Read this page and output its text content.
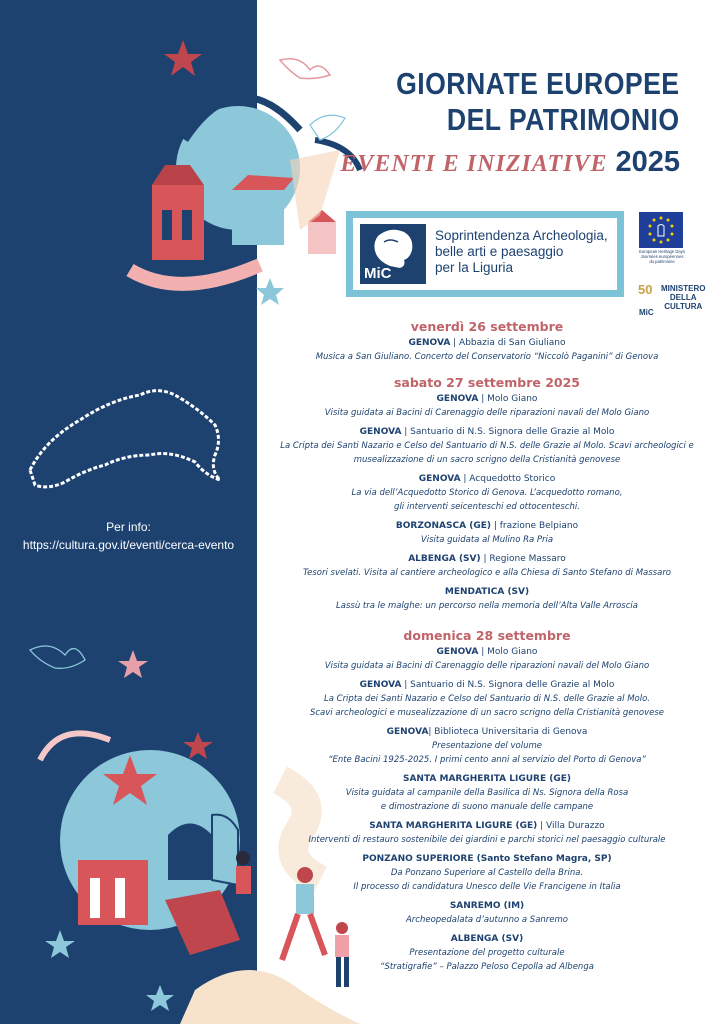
GIORNATE EUROPEE
DEL PATRIMONIO
EVENTI E INIZIATIVE 2025
MiC
Soprintendenza Archeologia,
belle arti e paesaggio
per la Liguria
European Heritage Days
Journées européennes
du patrimoine
50
MiC
MINISTERO
DELLA
CULTURA
Per info:
https://cultura.gov.it/eventi/cerca-evento
venerdì 26 settembre
GENOVA | Abbazia di San Giuliano
Musica a San Giuliano. Concerto del Conservatorio “Niccolò Paganini” di Genova
sabato 27 settembre 2025
GENOVA | Molo Giano
Visita guidata ai Bacini di Carenaggio delle riparazioni navali del Molo Giano
GENOVA | Santuario di N.S. Signora delle Grazie al Molo
La Cripta dei Santi Nazario e Celso del Santuario di N.S. delle Grazie al Molo. Scavi archeologici e
musealizzazione di un sacro scrigno della Cristianità genovese
GENOVA | Acquedotto Storico
La via dell’Acquedotto Storico di Genova. L’acquedotto romano,
gli interventi seicenteschi ed ottocenteschi.
BORZONASCA (GE) | frazione Belpiano
Visita guidata al Mulino Ra Pria
ALBENGA (SV) | Regione Massaro
Tesori svelati. Visita al cantiere archeologico e alla Chiesa di Santo Stefano di Massaro
MENDATICA (SV)
Lassù tra le malghe: un percorso nella memoria dell’Alta Valle Arroscia
domenica 28 settembre
GENOVA | Molo Giano
Visita guidata ai Bacini di Carenaggio delle riparazioni navali del Molo Giano
GENOVA | Santuario di N.S. Signora delle Grazie al Molo
La Cripta dei Santi Nazario e Celso del Santuario di N.S. delle Grazie al Molo.
Scavi archeologici e musealizzazione di un sacro scrigno della Cristianità genovese
GENOVA| Biblioteca Universitaria di Genova
Presentazione del volume
“Ente Bacini 1925-2025. I primi cento anni al servizio del Porto di Genova”
SANTA MARGHERITA LIGURE (GE)
Visita guidata al campanile della Basilica di Ns. Signora della Rosa
e dimostrazione di suono manuale delle campane
SANTA MARGHERITA LIGURE (GE) | Villa Durazzo
Interventi di restauro sostenibile dei giardini e parchi storici nel paesaggio culturale
PONZANO SUPERIORE (Santo Stefano Magra, SP)
Da Ponzano Superiore al Castello della Brina.
Il processo di candidatura Unesco delle Vie Francigene in Italia
SANREMO (IM)
Archeopedalata d’autunno a Sanremo
ALBENGA (SV)
Presentazione del progetto culturale
“Stratigrafie” – Palazzo Peloso Cepolla ad Albenga
